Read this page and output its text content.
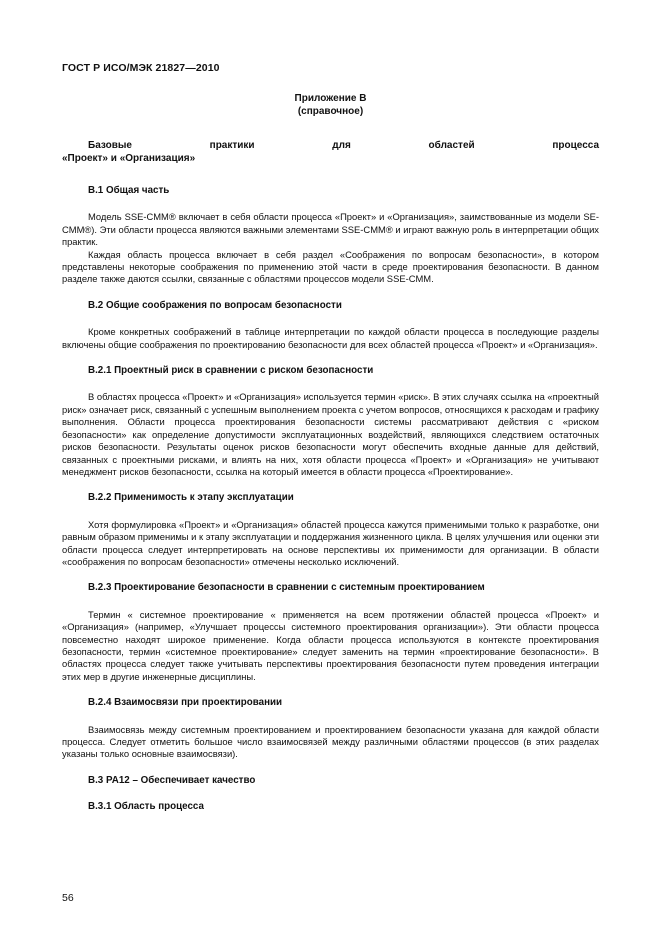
ГОСТ Р ИСО/МЭК 21827—2010
Приложение В
(справочное)
Базовые	практики	для	областей	процесса
«Проект» и «Организация»
В.1 Общая часть

Модель SSE-CMM® включает в себя области процесса «Проект» и «Организация», заимствованные из модели SE-CMM®). Эти области процесса являются важными элементами SSE-CMM® и играют важную роль в интерпретации общих практик.

Каждая область процесса включает в себя раздел «Соображения по вопросам безопасности», в котором представлены некоторые соображения по применению этой части в среде проектирования безопасности. В данном разделе также даются ссылки, связанные с областями процессов модели SSE-CMM.

В.2 Общие соображения по вопросам безопасности

Кроме конкретных соображений в таблице интерпретации по каждой области процесса в последующие разделы включены общие соображения по проектированию безопасности для всех областей процесса «Проект» и «Организация».

В.2.1 Проектный риск в сравнении с риском безопасности

В областях процесса «Проект» и «Организация» используется термин «риск». В этих случаях ссылка на «проектный риск» означает риск, связанный с успешным выполнением проекта с учетом вопросов, относящихся к расходам и графику выполнения. Области процесса проектирования безопасности системы рассматривают действия с «риском безопасности» как определение допустимости эксплуатационных воздействий, являющихся следствием остаточных рисков безопасности. Результаты оценок рисков безопасности могут обеспечить входные данные для действий, связанных с проектными рисками, и влиять на них, хотя области процесса «Проект» и «Организация» не учитывают менеджмент рисков безопасности, ссылка на который имеется в области процесса «Проектирование».

В.2.2 Применимость к этапу эксплуатации

Хотя формулировка «Проект» и «Организация» областей процесса кажутся применимыми только к разработке, они равным образом применимы и к этапу эксплуатации и поддержания жизненного цикла. В целях улучшения или оценки эти области процесса следует интерпретировать на основе перспективы их применимости для организации. В области «соображения по вопросам безопасности» отмечены несколько исключений.

В.2.3 Проектирование безопасности в сравнении с системным проектированием

Термин « системное проектирование « применяется на всем протяжении областей процесса «Проект» и «Организация» (например, «Улучшает процессы системного проектирования организации»). Эти области процесса повсеместно находят широкое применение. Когда области процесса используются в контексте проектирования безопасности, термин «системное проектирование» следует заменить на термин «проектирование безопасности». В областях процесса следует также учитывать перспективы проектирования безопасности путем проведения интеграции этих мер в другие инженерные дисциплины.

В.2.4 Взаимосвязи при проектировании

Взаимосвязь между системным проектированием и проектированием безопасности указана для каждой области процесса. Следует отметить большое число взаимосвязей между различными областями процессов (в этих разделах указаны только основные взаимосвязи).

В.3 PA12 – Обеспечивает качество
В.3.1 Область процесса
56
